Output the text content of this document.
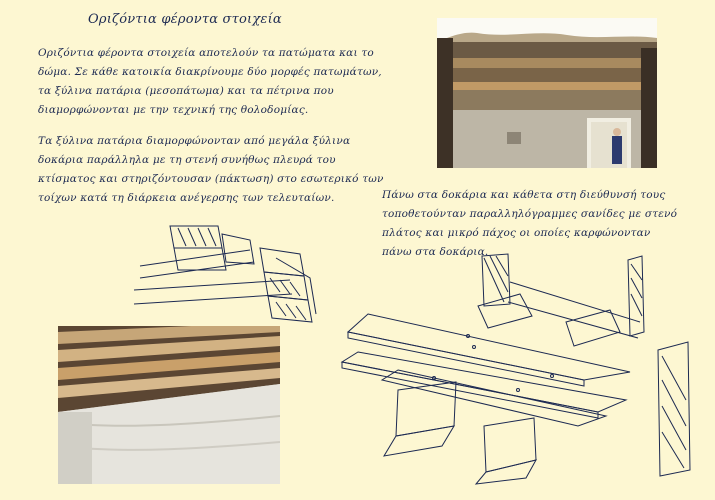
Οριζόντια φέροντα στοιχεία
Οριζόντια φέροντα στοιχεία αποτελούν τα πατώματα και το δώμα. Σε κάθε κατοικία διακρίνουμε δύο μορφές πατωμάτων, τα ξύλινα πατάρια (μεσοπάτωμα) και τα πέτρινα που διαμορφώνονται με την τεχνική της θολοδομίας.
Τα ξύλινα πατάρια διαμορφώνονταν από μεγάλα ξύλινα δοκάρια παράλληλα με τη στενή συνήθως πλευρά του κτίσματος και στηριζόντουσαν (πάκτωση) στο εσωτερικό των τοίχων κατά τη διάρκεια ανέγερσης των τελευταίων.	Πάνω στα δοκάρια και κάθετα στη διεύθυνσή τους τοποθετούνταν παραλληλόγραμμες σανίδες με στενό πλάτος και μικρό πάχος οι οποίες καρφώνονταν πάνω στα δοκάρια.
